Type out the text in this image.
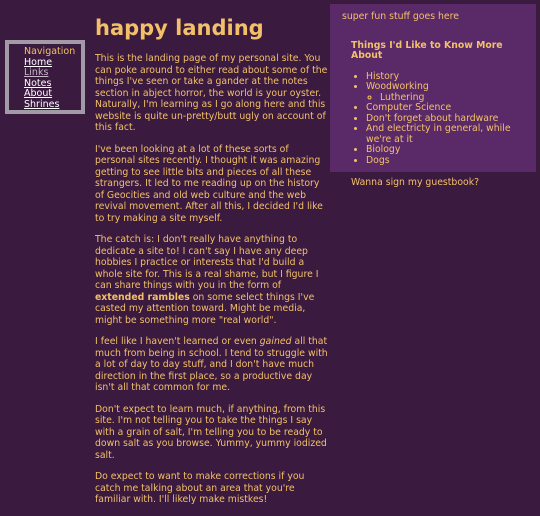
Navigation
Home
Links
Notes
About
Shrines
happy landing

This is the landing page of my personal site. You can poke around to either read about some of the things I've seen or take a gander at the notes section in abject horror, the world is your oyster. Naturally, I'm learning as I go along here and this website is quite un-pretty/butt ugly on account of this fact.

I've been looking at a lot of these sorts of personal sites recently. I thought it was amazing getting to see little bits and pieces of all these strangers. It led to me reading up on the history of Geocities and old web culture and the web revival movement. After all this, I decided I'd like to try making a site myself.

The catch is: I don't really have anything to dedicate a site to! I can't say I have any deep hobbies I practice or interests that I'd build a whole site for. This is a real shame, but I figure I can share things with you in the form of extended rambles on some select things I've casted my attention toward. Might be media, might be something more "real world".

I feel like I haven't learned or even gained all that much from being in school. I tend to struggle with a lot of day to day stuff, and I don't have much direction in the first place, so a productive day isn't all that common for me.

Don't expect to learn much, if anything, from this site. I'm not telling you to take the things I say with a grain of salt, I'm telling you to be ready to down salt as you browse. Yummy, yummy iodized salt.

Do expect to want to make corrections if you catch me talking about an area that you're familiar with. I'll likely make mistkes!

super fun stuff goes here
Things I'd Like to Know More About
• History
• Woodworking
◦ Luthering
• Computer Science
• Don't forget about hardware
• And electricty in general, while we're at it
• Biology
• Dogs
Wanna sign my guestbook?
